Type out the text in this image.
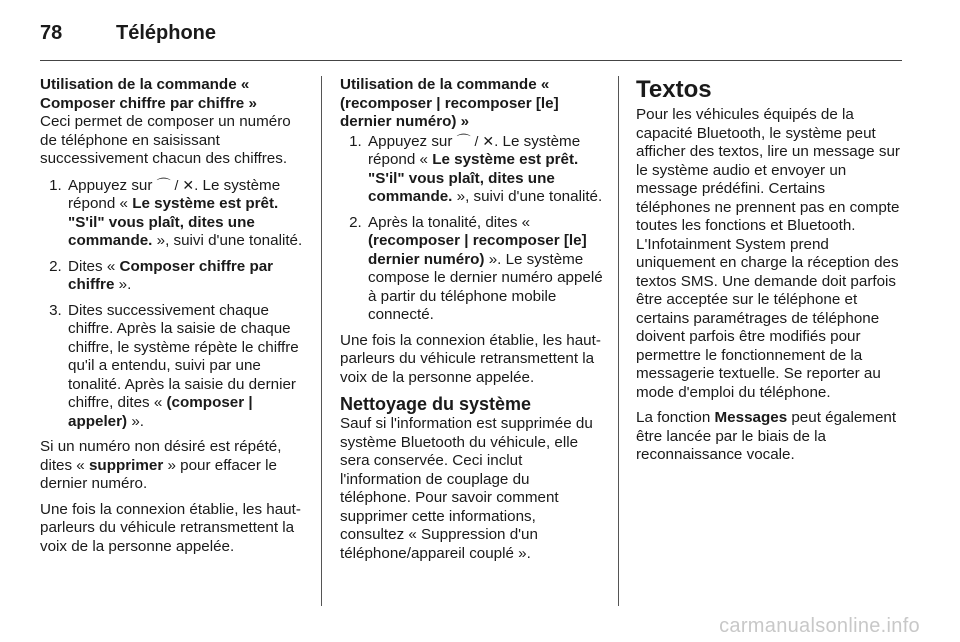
78	Téléphone

Utilisation de la commande « Composer chiffre par chiffre »

Ceci permet de composer un numéro de téléphone en saisissant successivement chacun des chiffres.

1. Appuyez sur ⌒ / ✕. Le système répond « Le système est prêt. "S'il" vous plaît, dites une commande. », suivi d'une tonalité.
2. Dites « Composer chiffre par chiffre ».
3. Dites successivement chaque chiffre. Après la saisie de chaque chiffre, le système répète le chiffre qu'il a entendu, suivi par une tonalité. Après la saisie du dernier chiffre, dites « (composer | appeler) ».

Si un numéro non désiré est répété, dites « supprimer » pour effacer le dernier numéro.

Une fois la connexion établie, les haut-parleurs du véhicule retransmettent la voix de la personne appelée.

Utilisation de la commande « (recomposer | recomposer [le] dernier numéro) »

1. Appuyez sur ⌒ / ✕. Le système répond « Le système est prêt. "S'il" vous plaît, dites une commande. », suivi d'une tonalité.
2. Après la tonalité, dites « (recomposer | recomposer [le] dernier numéro) ». Le système compose le dernier numéro appelé à partir du téléphone mobile connecté.

Une fois la connexion établie, les haut-parleurs du véhicule retransmettent la voix de la personne appelée.

Nettoyage du système

Sauf si l'information est supprimée du système Bluetooth du véhicule, elle sera conservée. Ceci inclut l'information de couplage du téléphone. Pour savoir comment supprimer cette informations, consultez « Suppression d'un téléphone/appareil couplé ».

Textos

Pour les véhicules équipés de la capacité Bluetooth, le système peut afficher des textos, lire un message sur le système audio et envoyer un message prédéfini. Certains téléphones ne prennent pas en compte toutes les fonctions et Bluetooth. L'Infotainment System prend uniquement en charge la réception des textos SMS. Une demande doit parfois être acceptée sur le téléphone et certains paramétrages de téléphone doivent parfois être modifiés pour permettre le fonctionnement de la messagerie textuelle. Se reporter au mode d'emploi du téléphone.

La fonction Messages peut également être lancée par le biais de la reconnaissance vocale.

carmanualsonline.info
